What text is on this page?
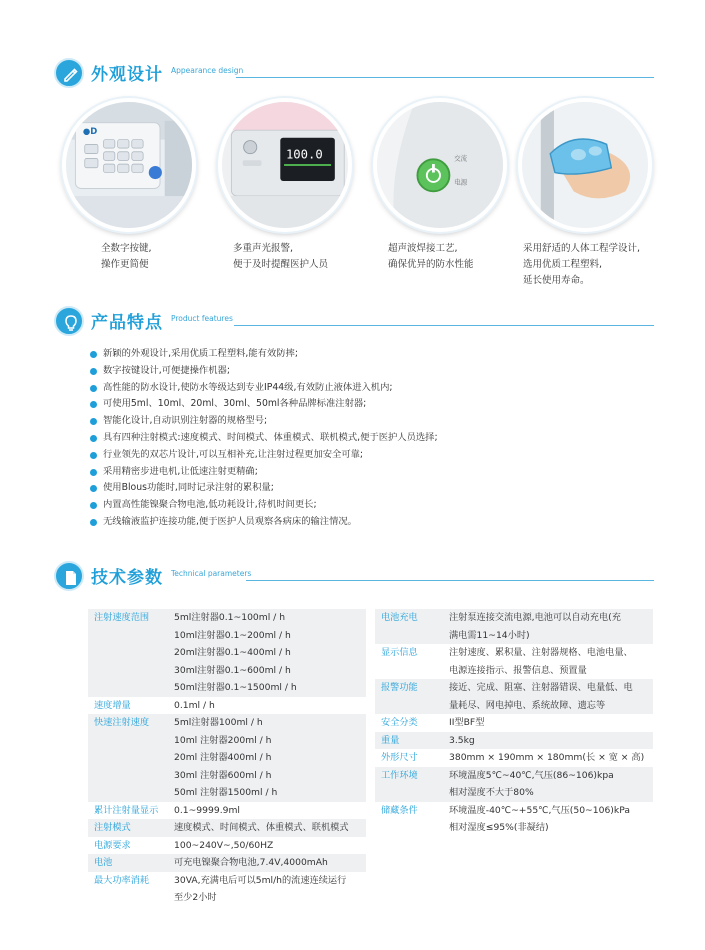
外观设计 Appearance design
●D
100.0	交流
电源
全数字按键,
操作更简便
多重声光报警,
便于及时提醒医护人员
超声波焊接工艺,
确保优异的防水性能
采用舒适的人体工程学设计,
选用优质工程塑料,
延长使用寿命。
产品特点 Product features
新颖的外观设计,采用优质工程塑料,能有效防摔;
数字按键设计,可便捷操作机器;
高性能的防水设计,使防水等级达到专业IP44级,有效防止液体进入机内;
可使用5ml、10ml、20ml、30ml、50ml各种品牌标准注射器;
智能化设计,自动识别注射器的规格型号;
具有四种注射模式:速度模式、时间模式、体重模式、联机模式,便于医护人员选择;
行业领先的双芯片设计,可以互相补充,让注射过程更加安全可靠;
采用精密步进电机,让低速注射更精确;
使用Blous功能时,同时记录注射的累积量;
内置高性能镍聚合物电池,低功耗设计,待机时间更长;
无线输液监护连接功能,便于医护人员观察各病床的输注情况。
技术参数 Technical parameters
注射速度范围	5ml注射器0.1~100ml / h
	10ml注射器0.1~200ml / h
	20ml注射器0.1~400ml / h
	30ml注射器0.1~600ml / h
	50ml注射器0.1~1500ml / h
速度增量	0.1ml / h
快速注射速度	5ml注射器100ml / h
	10ml 注射器200ml / h
	20ml 注射器400ml / h
	30ml 注射器600ml / h
	50ml 注射器1500ml / h
累计注射量显示	0.1~9999.9ml
注射模式	速度模式、时间模式、体重模式、联机模式
电源要求	100~240V~,50/60HZ
电池	可充电镍聚合物电池,7.4V,4000mAh
最大功率消耗	30VA,充满电后可以5ml/h的流速连续运行
	至少2小时
电池充电	注射泵连接交流电源,电池可以自动充电(充
	满电需11~14小时)
显示信息	注射速度、累积量、注射器规格、电池电量、
	电源连接指示、报警信息、预置量
报警功能	接近、完成、阻塞、注射器错误、电量低、电
	量耗尽、网电掉电、系统故障、遗忘等
安全分类	II型BF型
重量	3.5kg
外形尺寸	380mm × 190mm × 180mm(长 × 宽 × 高)
工作环境	环境温度5℃~40℃,气压(86~106)kpa
	相对湿度不大于80%
储藏条件	环境温度-40℃~+55℃,气压(50~106)kPa
	相对湿度≤95%(非凝结)
